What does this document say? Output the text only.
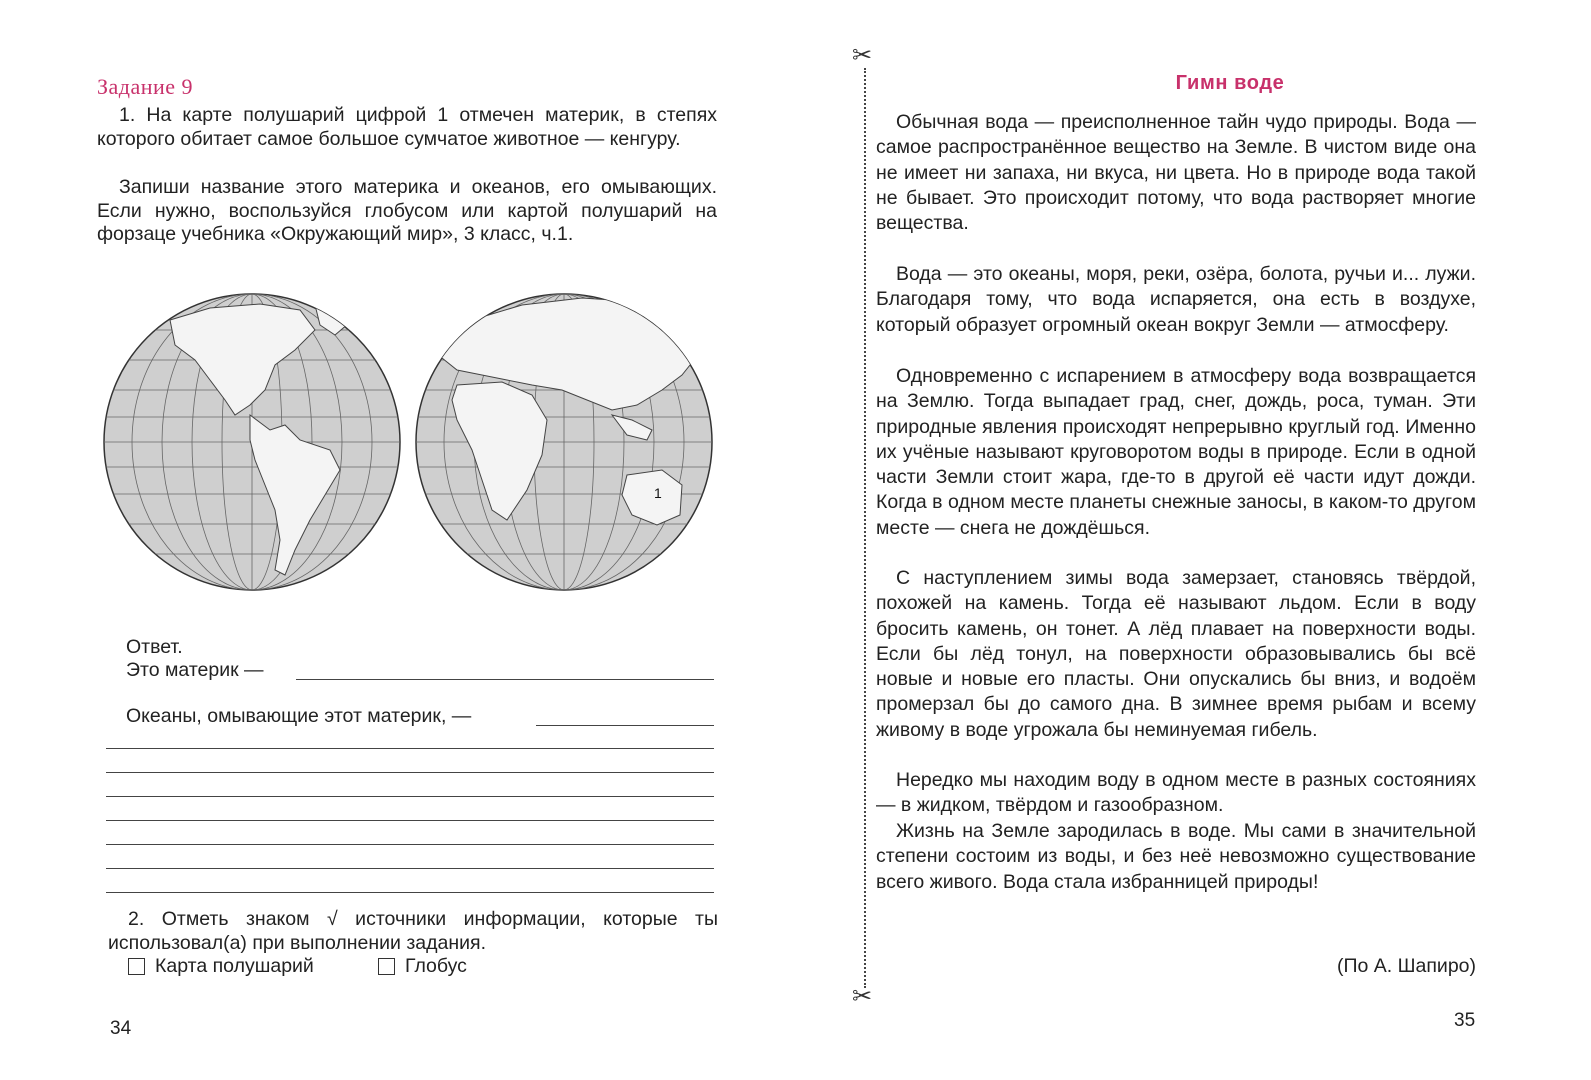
Задание 9
1. На карте полушарий цифрой 1 отмечен материк, в степях которого обитает самое большое сумчатое животное — кенгуру.
Запиши название этого материка и океанов, его омывающих. Если нужно, воспользуйся глобусом или картой полушарий на форзаце учебника «Окружающий мир», 3 класс, ч.1.
1
Ответ.
Это материк —
Океаны, омывающие этот материк, —
2. Отметь знаком √ источники информации, которые ты использовал(а) при выполнении задания.
Карта полушарий	Глобус
34
✂
✂
Гимн воде
Обычная вода — преисполненное тайн чудо природы. Вода — самое распространённое вещество на Земле. В чистом виде она не имеет ни запаха, ни вкуса, ни цвета. Но в природе вода такой не бывает. Это происходит потому, что вода растворяет многие вещества.
Вода — это океаны, моря, реки, озёра, болота, ручьи и... лужи. Благодаря тому, что вода испаряется, она есть в воздухе, который образует огромный океан вокруг Земли — атмосферу.
Одновременно с испарением в атмосферу вода возвращается на Землю. Тогда выпадает град, снег, дождь, роса, туман. Эти природные явления происходят непрерывно круглый год. Именно их учёные называют круговоротом воды в природе. Если в одной части Земли стоит жара, где-то в другой её части идут дожди. Когда в одном месте планеты снежные заносы, в каком-то другом месте — снега не дождёшься.
С наступлением зимы вода замерзает, становясь твёрдой, похожей на камень. Тогда её называют льдом. Если в воду бросить камень, он тонет. А лёд плавает на поверхности воды. Если бы лёд тонул, на поверхности образовывались бы всё новые и новые его пласты. Они опускались бы вниз, и водоём промерзал бы до самого дна. В зимнее время рыбам и всему живому в воде угрожала бы неминуемая гибель.
Нередко мы находим воду в одном месте в разных состояниях — в жидком, твёрдом и газообразном.
Жизнь на Земле зародилась в воде. Мы сами в значительной степени состоим из воды, и без неё невозможно существование всего живого. Вода стала избранницей природы!
(По А. Шапиро)
35
